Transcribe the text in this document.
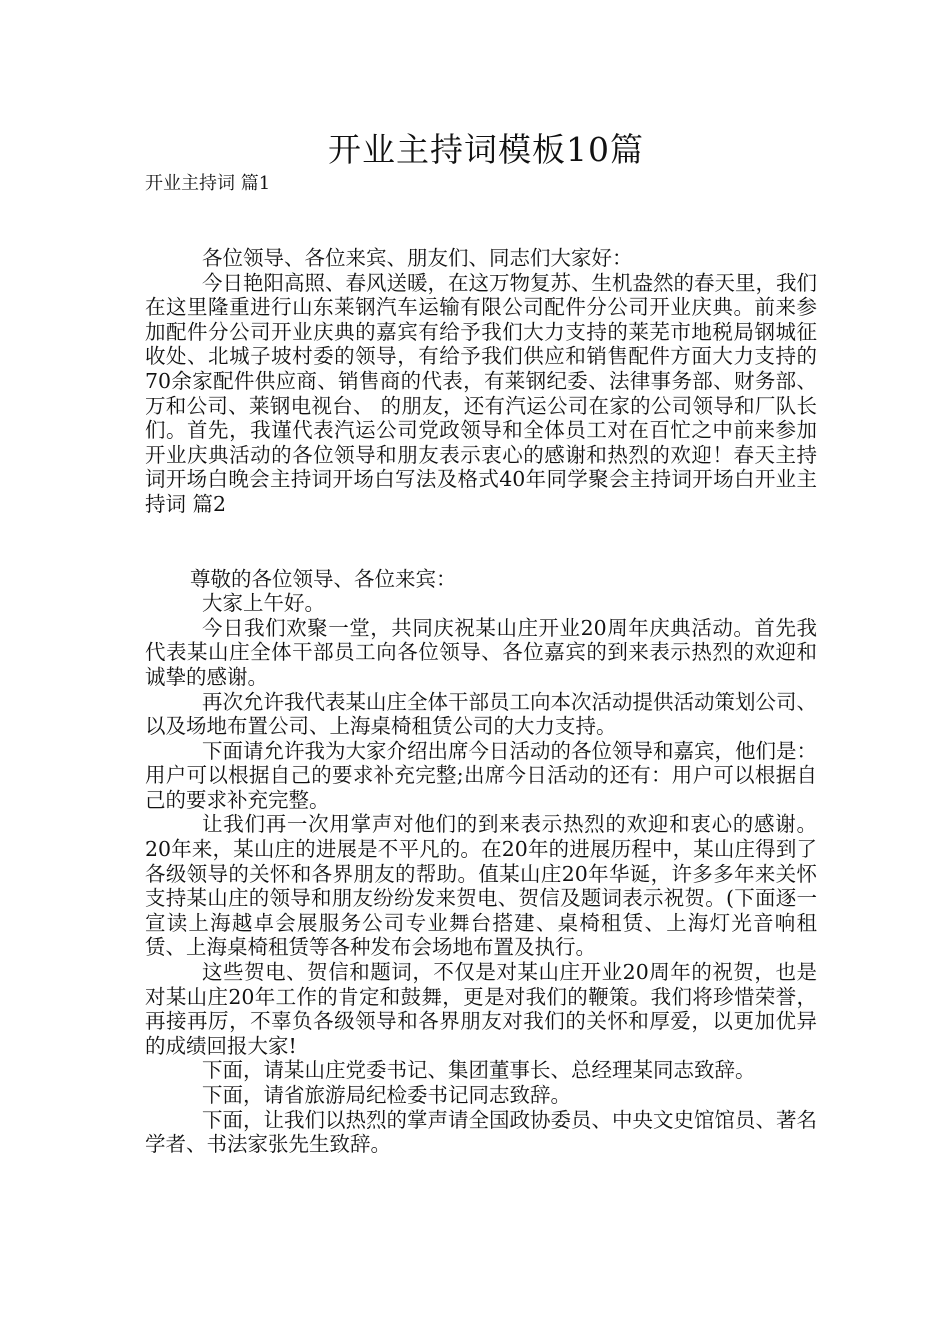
开业主持词模板10篇

开业主持词 篇1

各位领导、各位来宾、朋友们、同志们大家好：

今日艳阳高照、春风送暖，在这万物复苏、生机盎然的春天里，我们在这里隆重进行山东莱钢汽车运输有限公司配件分公司开业庆典。前来参加配件分公司开业庆典的嘉宾有给予我们大力支持的莱芜市地税局钢城征收处、北城子坡村委的领导，有给予我们供应和销售配件方面大力支持的70余家配件供应商、销售商的代表，有莱钢纪委、法律事务部、财务部、万和公司、莱钢电视台、 的朋友，还有汽运公司在家的公司领导和厂队长们。首先，我谨代表汽运公司党政领导和全体员工对在百忙之中前来参加开业庆典活动的各位领导和朋友表示衷心的感谢和热烈的欢迎！春天主持词开场白晚会主持词开场白写法及格式40年同学聚会主持词开场白开业主持词 篇2

尊敬的各位领导、各位来宾：

大家上午好。

今日我们欢聚一堂，共同庆祝某山庄开业20周年庆典活动。首先我代表某山庄全体干部员工向各位领导、各位嘉宾的到来表示热烈的欢迎和诚挚的感谢。

再次允许我代表某山庄全体干部员工向本次活动提供活动策划公司、以及场地布置公司、上海桌椅租赁公司的大力支持。

下面请允许我为大家介绍出席今日活动的各位领导和嘉宾，他们是：用户可以根据自己的要求补充完整;出席今日活动的还有：用户可以根据自己的要求补充完整。

让我们再一次用掌声对他们的到来表示热烈的欢迎和衷心的感谢。 20年来，某山庄的进展是不平凡的。在20年的进展历程中，某山庄得到了各级领导的关怀和各界朋友的帮助。值某山庄20年华诞，许多多年来关怀支持某山庄的领导和朋友纷纷发来贺电、贺信及题词表示祝贺。(下面逐一宣读上海越卓会展服务公司专业舞台搭建、桌椅租赁、上海灯光音响租赁、上海桌椅租赁等各种发布会场地布置及执行。

这些贺电、贺信和题词，不仅是对某山庄开业20周年的祝贺，也是对某山庄20年工作的肯定和鼓舞，更是对我们的鞭策。我们将珍惜荣誉，再接再厉，不辜负各级领导和各界朋友对我们的关怀和厚爱，以更加优异的成绩回报大家!

下面，请某山庄党委书记、集团董事长、总经理某同志致辞。

下面，请省旅游局纪检委书记同志致辞。

下面，让我们以热烈的掌声请全国政协委员、中央文史馆馆员、著名学者、书法家张先生致辞。
